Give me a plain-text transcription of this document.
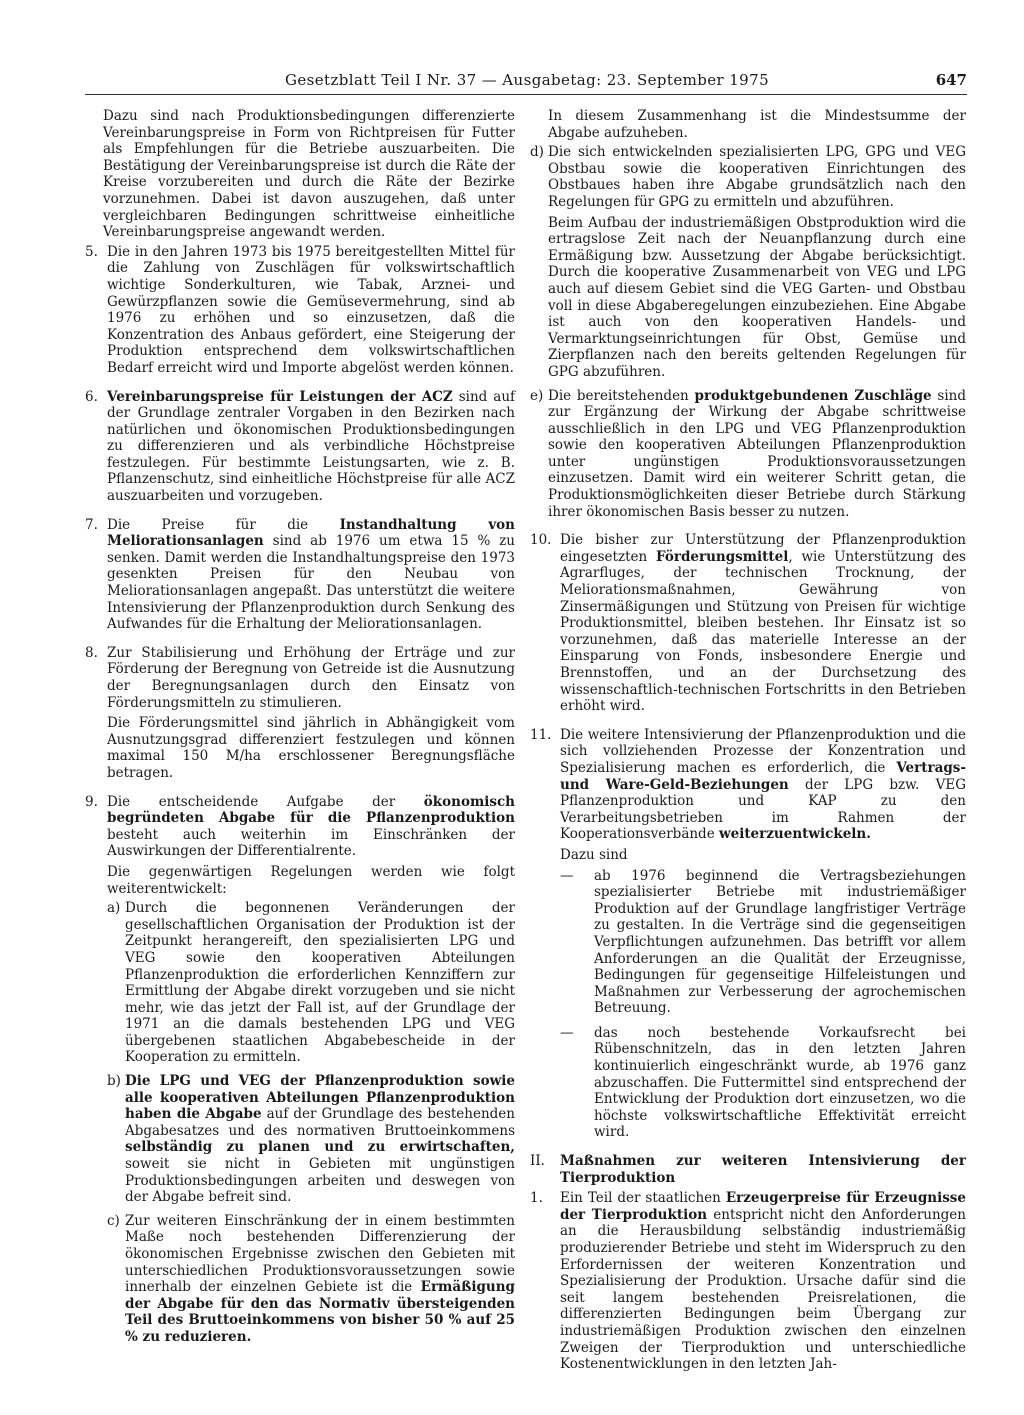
Gesetzblatt Teil I Nr. 37 — Ausgabetag: 23. September 1975	647

Dazu sind nach Produktionsbedingungen differenzierte Vereinbarungspreise in Form von Richtpreisen für Futter als Empfehlungen für die Betriebe auszuarbeiten. Die Bestätigung der Vereinbarungspreise ist durch die Räte der Kreise vorzubereiten und durch die Räte der Bezirke vorzunehmen. Dabei ist davon auszugehen, daß unter vergleichbaren Bedingungen schrittweise einheitliche Vereinbarungspreise angewandt werden.

5. Die in den Jahren 1973 bis 1975 bereitgestellten Mittel für die Zahlung von Zuschlägen für volkswirtschaftlich wichtige Sonderkulturen, wie Tabak, Arznei- und Gewürzpflanzen sowie die Gemüsevermehrung, sind ab 1976 zu erhöhen und so einzusetzen, daß die Konzentration des Anbaus gefördert, eine Steigerung der Produktion entsprechend dem volkswirtschaftlichen Bedarf erreicht wird und Importe abgelöst werden können.

6. Vereinbarungspreise für Leistungen der ACZ sind auf der Grundlage zentraler Vorgaben in den Bezirken nach natürlichen und ökonomischen Produktionsbedingungen zu differenzieren und als verbindliche Höchstpreise festzulegen. Für bestimmte Leistungsarten, wie z. B. Pflanzenschutz, sind einheitliche Höchstpreise für alle ACZ auszuarbeiten und vorzugeben.

7. Die Preise für die Instandhaltung von Meliorationsanlagen sind ab 1976 um etwa 15 % zu senken. Damit werden die Instandhaltungspreise den 1973 gesenkten Preisen für den Neubau von Meliorationsanlagen angepaßt. Das unterstützt die weitere Intensivierung der Pflanzenproduktion durch Senkung des Aufwandes für die Erhaltung der Meliorationsanlagen.

8. Zur Stabilisierung und Erhöhung der Erträge und zur Förderung der Beregnung von Getreide ist die Ausnutzung der Beregnungsanlagen durch den Einsatz von Förderungsmitteln zu stimulieren.

Die Förderungsmittel sind jährlich in Abhängigkeit vom Ausnutzungsgrad differenziert festzulegen und können maximal 150 M/ha erschlossener Beregnungsfläche betragen.

9. Die entscheidende Aufgabe der ökonomisch begründeten Abgabe für die Pflanzenproduktion besteht auch weiterhin im Einschränken der Auswirkungen der Differentialrente.

Die gegenwärtigen Regelungen werden wie folgt weiterentwickelt:

a) Durch die begonnenen Veränderungen der gesellschaftlichen Organisation der Produktion ist der Zeitpunkt herangereift, den spezialisierten LPG und VEG sowie den kooperativen Abteilungen Pflanzenproduktion die erforderlichen Kennziffern zur Ermittlung der Abgabe direkt vorzugeben und sie nicht mehr, wie das jetzt der Fall ist, auf der Grundlage der 1971 an die damals bestehenden LPG und VEG übergebenen staatlichen Abgabebescheide in der Kooperation zu ermitteln.

b) Die LPG und VEG der Pflanzenproduktion sowie alle kooperativen Abteilungen Pflanzenproduktion haben die Abgabe auf der Grundlage des bestehenden Abgabesatzes und des normativen Bruttoeinkommens selbständig zu planen und zu erwirtschaften, soweit sie nicht in Gebieten mit ungünstigen Produktionsbedingungen arbeiten und deswegen von der Abgabe befreit sind.

c) Zur weiteren Einschränkung der in einem bestimmten Maße noch bestehenden Differenzierung der ökonomischen Ergebnisse zwischen den Gebieten mit unterschiedlichen Produktionsvoraussetzungen sowie innerhalb der einzelnen Gebiete ist die Ermäßigung der Abgabe für den das Normativ übersteigenden Teil des Bruttoeinkommens von bisher 50 % auf 25 % zu reduzieren.

In diesem Zusammenhang ist die Mindestsumme der Abgabe aufzuheben.

d) Die sich entwickelnden spezialisierten LPG, GPG und VEG Obstbau sowie die kooperativen Einrichtungen des Obstbaues haben ihre Abgabe grundsätzlich nach den Regelungen für GPG zu ermitteln und abzuführen.

Beim Aufbau der industriemäßigen Obstproduktion wird die ertragslose Zeit nach der Neuanpflanzung durch eine Ermäßigung bzw. Aussetzung der Abgabe berücksichtigt. Durch die kooperative Zusammenarbeit von VEG und LPG auch auf diesem Gebiet sind die VEG Garten- und Obstbau voll in diese Abgaberegelungen einzubeziehen. Eine Abgabe ist auch von den kooperativen Handels- und Vermarktungseinrichtungen für Obst, Gemüse und Zierpflanzen nach den bereits geltenden Regelungen für GPG abzuführen.

e) Die bereitstehenden produktgebundenen Zuschläge sind zur Ergänzung der Wirkung der Abgabe schrittweise ausschließlich in den LPG und VEG Pflanzenproduktion sowie den kooperativen Abteilungen Pflanzenproduktion unter ungünstigen Produktionsvoraussetzungen einzusetzen. Damit wird ein weiterer Schritt getan, die Produktionsmöglichkeiten dieser Betriebe durch Stärkung ihrer ökonomischen Basis besser zu nutzen.

10. Die bisher zur Unterstützung der Pflanzenproduktion eingesetzten Förderungsmittel, wie Unterstützung des Agrarfluges, der technischen Trocknung, der Meliorationsmaßnahmen, Gewährung von Zinsermäßigungen und Stützung von Preisen für wichtige Produktionsmittel, bleiben bestehen. Ihr Einsatz ist so vorzunehmen, daß das materielle Interesse an der Einsparung von Fonds, insbesondere Energie und Brennstoffen, und an der Durchsetzung des wissenschaftlich-technischen Fortschritts in den Betrieben erhöht wird.

11. Die weitere Intensivierung der Pflanzenproduktion und die sich vollziehenden Prozesse der Konzentration und Spezialisierung machen es erforderlich, die Vertrags- und Ware-Geld-Beziehungen der LPG bzw. VEG Pflanzenproduktion und KAP zu den Verarbeitungsbetrieben im Rahmen der Kooperationsverbände weiterzuentwickeln.

Dazu sind

— ab 1976 beginnend die Vertragsbeziehungen spezialisierter Betriebe mit industriemäßiger Produktion auf der Grundlage langfristiger Verträge zu gestalten. In die Verträge sind die gegenseitigen Verpflichtungen aufzunehmen. Das betrifft vor allem Anforderungen an die Qualität der Erzeugnisse, Bedingungen für gegenseitige Hilfeleistungen und Maßnahmen zur Verbesserung der agrochemischen Betreuung.

— das noch bestehende Vorkaufsrecht bei Rübenschnitzeln, das in den letzten Jahren kontinuierlich eingeschränkt wurde, ab 1976 ganz abzuschaffen. Die Futtermittel sind entsprechend der Entwicklung der Produktion dort einzusetzen, wo die höchste volkswirtschaftliche Effektivität erreicht wird.

II. Maßnahmen zur weiteren Intensivierung der Tierproduktion

1. Ein Teil der staatlichen Erzeugerpreise für Erzeugnisse der Tierproduktion entspricht nicht den Anforderungen an die Herausbildung selbständig industriemäßig produzierender Betriebe und steht im Widerspruch zu den Erfordernissen der weiteren Konzentration und Spezialisierung der Produktion. Ursache dafür sind die seit langem bestehenden Preisrelationen, die differenzierten Bedingungen beim Übergang zur industriemäßigen Produktion zwischen den einzelnen Zweigen der Tierproduktion und unterschiedliche Kostenentwicklungen in den letzten Jah-
